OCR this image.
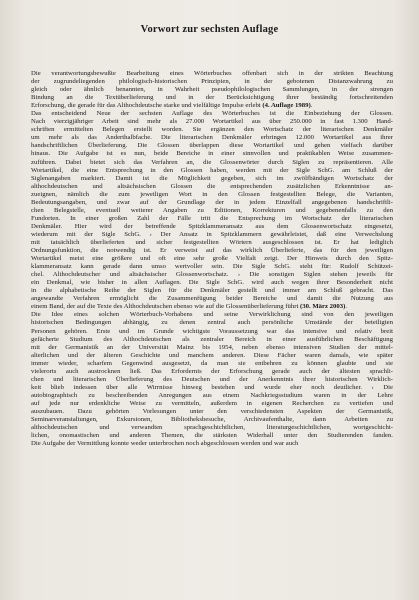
Vorwort zur sechsten Auflage

Die verantwortungsbewußte Bearbeitung eines Wörterbuches offenbart sich in der strikten Beachtung
der zugrundeliegenden philologisch-historischen Prinzipien, in der gebotenen Distanzwahrung zu
gleich oder ähnlich benannten, in Wahrheit pseudophilologischen Sammlungen, in der strengen
Bindung an die Textüberlieferung und in der Berücksichtigung ihrer beständig fortschreitenden
Erforschung, die gerade für das Althochdeutsche starke und vielfältige Impulse erlebt (4. Auflage 1989).

Das entscheidend Neue der sechsten Auflage des Wörterbuches ist die Einbeziehung der Glossen.
Nach vierzigjähriger Arbeit sind mehr als 27.000 Wortartikel aus über 250.000 in fast 1.300 Hand-
schriften ermittelten Belegen erstellt worden. Sie ergänzen den Wortschatz der literarischen Denkmäler
um mehr als das Anderthalbfache. Die literarischen Denkmäler erbringen 12.000 Wortartikel aus ihrer
handschriftlichen Überlieferung. Die Glossen überlappen diese Wortartikel und gehen vielfach darüber
hinaus. Die Aufgabe ist es nun, beide Bereiche in einer sinnvollen und praktikablen Weise zusammen-
zuführen. Dabei bietet sich das Verfahren an, die Glossenwörter durch Siglen zu repräsentieren. Alle
Wortartikel, die eine Entsprechung in den Glossen haben, werden mit der Sigle SchG. am Schluß der
Siglenangaben markiert. Damit ist die Möglichkeit gegeben, sich im zwölfbändigen Wortschatz der
althochdeutschen und altsächsischen Glossen die entsprechenden zusätzlichen Erkenntnisse an-
zueignen, nämlich die zum jeweiligen Wort in den Glossen festgestellten Belege, die Varianten,
Bedeutungsangaben, und zwar auf der Grundlage der in jedem Einzelfall angegebenen handschriftli-
chen Belegstelle, eventuell weiterer Angaben zu Editionen, Korrekturen und gegebenenfalls zu den
Fundorten. In einer großen Zahl der Fälle tritt die Entsprechung im Wortschatz der literarischen
Denkmäler. Hier wird der betreffende Spitzklammeransatz aus dem Glossenwortschatz eingesetzt,
wiederum mit der Sigle SchG. › Der Ansatz in Spitzklammern gewährleistet, daß eine Verwechslung
mit tatsächlich überlieferten und sicher festgestellten Wörtern ausgeschlossen ist. Er hat lediglich
Ordnungsfunktion, die notwendig ist. Er verweist auf das wirklich Überlieferte, das für den jeweiligen
Wortartikel meist eine größere und oft eine sehr große Vielfalt zeigt. Der Hinweis durch den Spitz-
klammeransatz kann gerade dann umso wertvoller sein. Die Sigle SchG. steht für: Rudolf Schützei-
chel. Althochdeutscher und altsächsischer Glossenwortschatz. › Die sonstigen Siglen stehen jeweils für
ein Denkmal, wie bisher in allen Auflagen. Die Sigle SchG. wird auch wegen ihrer Besonderheit nicht
in die alphabetische Reihe der Siglen für die Denkmäler gestellt und immer am Schluß gebracht. Das
angewandte Verfahren ermöglicht die Zusammenfügung beider Bereiche und damit die Nutzung aus
einem Band, der auf die Texte des Althochdeutschen ebenso wie auf die Glossenüberlieferung führt (30. März 2003).

Die Idee eines solchen Wörterbuch-Vorhabens und seine Verwirklichung sind von den jeweiligen
historischen Bedingungen abhängig, zu denen zentral auch persönliche Umstände der beteiligten
Personen gehören. Erste und im Grunde wichtigste Voraussetzung war das intensive und relativ breit
gefächerte Studium des Althochdeutschen als zentraler Bereich in einer ausführlichen Beschäftigung
mit der Germanistik an der Universität Mainz bis 1954, neben ebenso intensiven Studien der mittel-
alterlichen und der älteren Geschichte und manchem anderen. Diese Fächer waren damals, wie später
immer wieder, scharfem Gegenwind ausgesetzt, da man sie entbehren zu können glaubte und sie
vielerorts auch austrocknen ließ. Das Erfordernis der Erforschung gerade auch der ältesten sprachli-
chen und literarischen Überlieferung des Deutschen und der Anerkenntnis ihrer historischen Wirklich-
keit blieb indessen über alle Wirrnisse hinweg bestehen und wurde eher noch deutlicher. › Die
autobiographisch zu beschreibenden Anregungen aus einem Nachkriegsstudium waren in der Lehre
auf jede nur erdenkliche Weise zu vermitteln, außerdem in eigenen Recherchen zu vertiefen und
auszubauen. Dazu gehörten Vorlesungen unter den verschiedensten Aspekten der Germanistik,
Seminarveranstaltungen, Exkursionen, Bibliotheksbesuche, Archivaufenthalte, dann Arbeiten zu
althochdeutschen und verwandten sprachgeschichtlichen, literaturgeschichtlichen, wortgeschicht-
lichen, onomastischen und anderen Themen, die stärksten Widerhall unter den Studierenden fanden.
Die Aufgabe der Vermittlung konnte weder unterbrochen noch abgeschlossen werden und war auch
